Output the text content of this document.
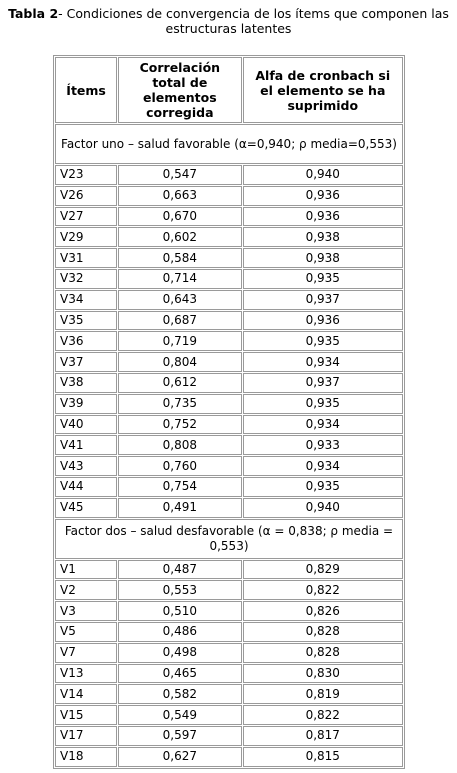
Tabla 2- Condiciones de convergencia de los ítems que componen las estructuras latentes
Ítems	Correlación total de elementos corregida	Alfa de cronbach si el elemento se ha suprimido
Factor uno – salud favorable (α=0,940; ρ media=0,553)		
V23	0,547	0,940
V26	0,663	0,936
V27	0,670	0,936
V29	0,602	0,938
V31	0,584	0,938
V32	0,714	0,935
V34	0,643	0,937
V35	0,687	0,936
V36	0,719	0,935
V37	0,804	0,934
V38	0,612	0,937
V39	0,735	0,935
V40	0,752	0,934
V41	0,808	0,933
V43	0,760	0,934
V44	0,754	0,935
V45	0,491	0,940
Factor dos – salud desfavorable (α = 0,838; ρ media = 0,553)		
V1	0,487	0,829
V2	0,553	0,822
V3	0,510	0,826
V5	0,486	0,828
V7	0,498	0,828
V13	0,465	0,830
V14	0,582	0,819
V15	0,549	0,822
V17	0,597	0,817
V18	0,627	0,815
